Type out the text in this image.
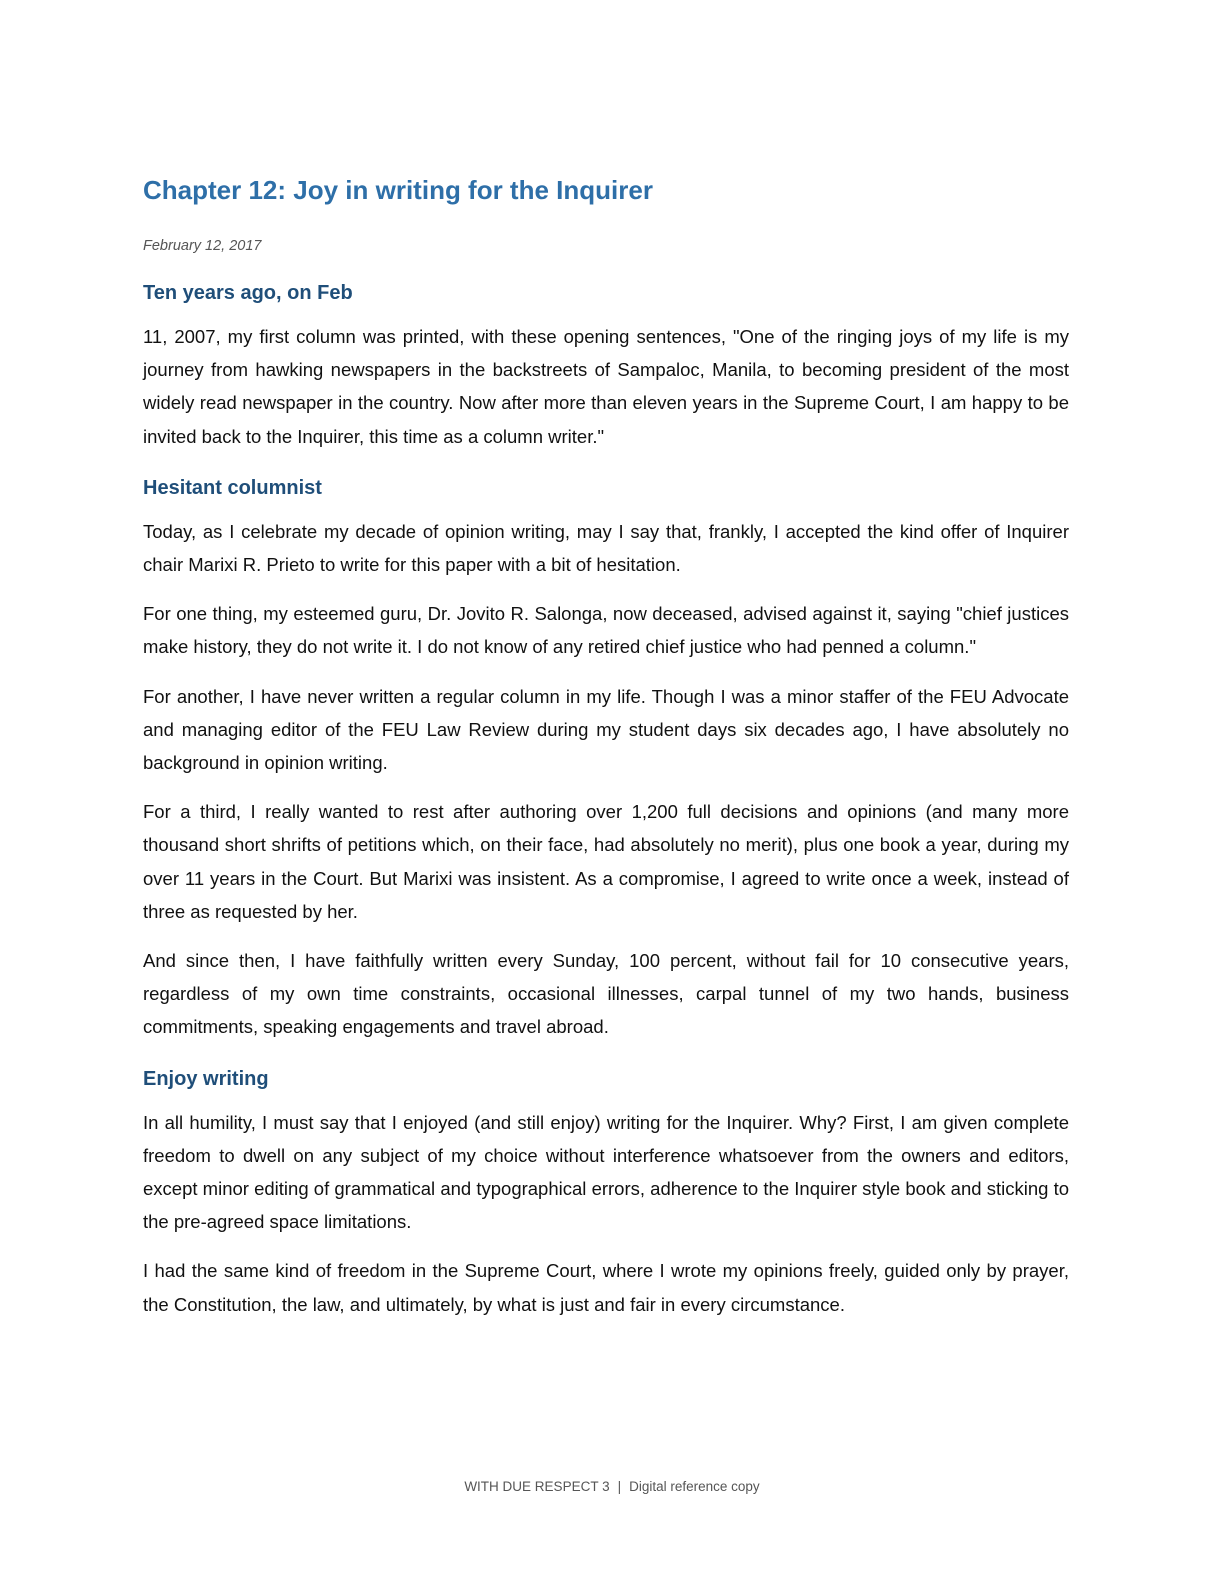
Chapter 12: Joy in writing for the Inquirer
February 12, 2017
Ten years ago, on Feb

11, 2007, my first column was printed, with these opening sentences, "One of the ringing joys of my life is my journey from hawking newspapers in the backstreets of Sampaloc, Manila, to becoming president of the most widely read newspaper in the country. Now after more than eleven years in the Supreme Court, I am happy to be invited back to the Inquirer, this time as a column writer."

Hesitant columnist

Today, as I celebrate my decade of opinion writing, may I say that, frankly, I accepted the kind offer of Inquirer chair Marixi R. Prieto to write for this paper with a bit of hesitation.

For one thing, my esteemed guru, Dr. Jovito R. Salonga, now deceased, advised against it, saying "chief justices make history, they do not write it. I do not know of any retired chief justice who had penned a column."

For another, I have never written a regular column in my life. Though I was a minor staffer of the FEU Advocate and managing editor of the FEU Law Review during my student days six decades ago, I have absolutely no background in opinion writing.

For a third, I really wanted to rest after authoring over 1,200 full decisions and opinions (and many more thousand short shrifts of petitions which, on their face, had absolutely no merit), plus one book a year, during my over 11 years in the Court. But Marixi was insistent. As a compromise, I agreed to write once a week, instead of three as requested by her.

And since then, I have faithfully written every Sunday, 100 percent, without fail for 10 consecutive years, regardless of my own time constraints, occasional illnesses, carpal tunnel of my two hands, business commitments, speaking engagements and travel abroad.

Enjoy writing

In all humility, I must say that I enjoyed (and still enjoy) writing for the Inquirer. Why? First, I am given complete freedom to dwell on any subject of my choice without interference whatsoever from the owners and editors, except minor editing of grammatical and typographical errors, adherence to the Inquirer style book and sticking to the pre-agreed space limitations.

I had the same kind of freedom in the Supreme Court, where I wrote my opinions freely, guided only by prayer, the Constitution, the law, and ultimately, by what is just and fair in every circumstance.

WITH DUE RESPECT 3 | Digital reference copy
